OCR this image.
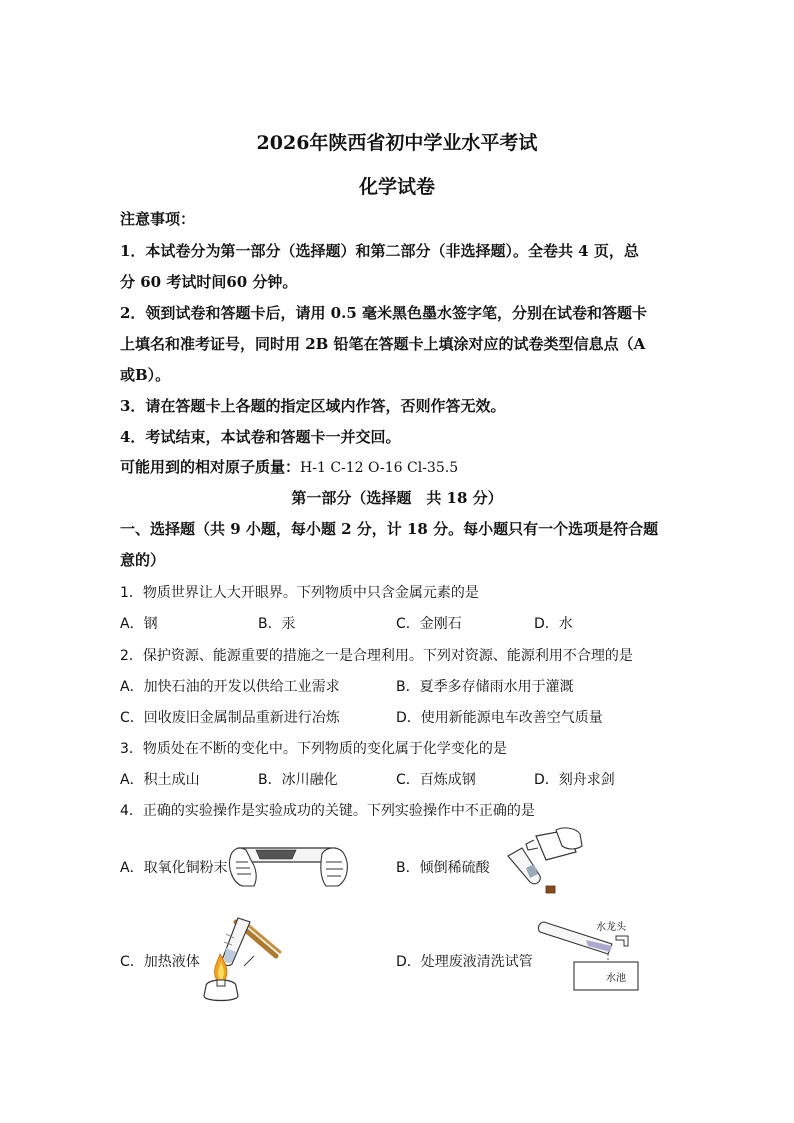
2026年陕西省初中学业水平考试
化学试卷
注意事项：
1．本试卷分为第一部分（选择题）和第二部分（非选择题）。全卷共 4 页，总
分 60 考试时间60 分钟。
2．领到试卷和答题卡后，请用 0.5 毫米黑色墨水签字笔，分别在试卷和答题卡
上填名和准考证号，同时用 2B 铅笔在答题卡上填涂对应的试卷类型信息点（A
或B）。
3．请在答题卡上各题的指定区域内作答，否则作答无效。
4．考试结束，本试卷和答题卡一并交回。
可能用到的相对原子质量：H-1 C-12 O-16 Cl-35.5
第一部分（选择题　共 18 分）
一、选择题（共 9 小题，每小题 2 分，计 18 分。每小题只有一个选项是符合题
意的）
1．物质世界让人大开眼界。下列物质中只含金属元素的是
A．钢	B．汞	C．金刚石	D．水
2．保护资源、能源重要的措施之一是合理利用。下列对资源、能源利用不合理的是
A．加快石油的开发以供给工业需求	B．夏季多存储雨水用于灌溉
C．回收废旧金属制品重新进行冶炼	D．使用新能源电车改善空气质量
3．物质处在不断的变化中。下列物质的变化属于化学变化的是
A．积土成山	B．冰川融化	C．百炼成钢	D．刻舟求剑
4．正确的实验操作是实验成功的关键。下列实验操作中不正确的是
A．取氧化铜粉末	B．倾倒稀硫酸
C．加热液体	D．处理废液清洗试管
水龙头
水池
